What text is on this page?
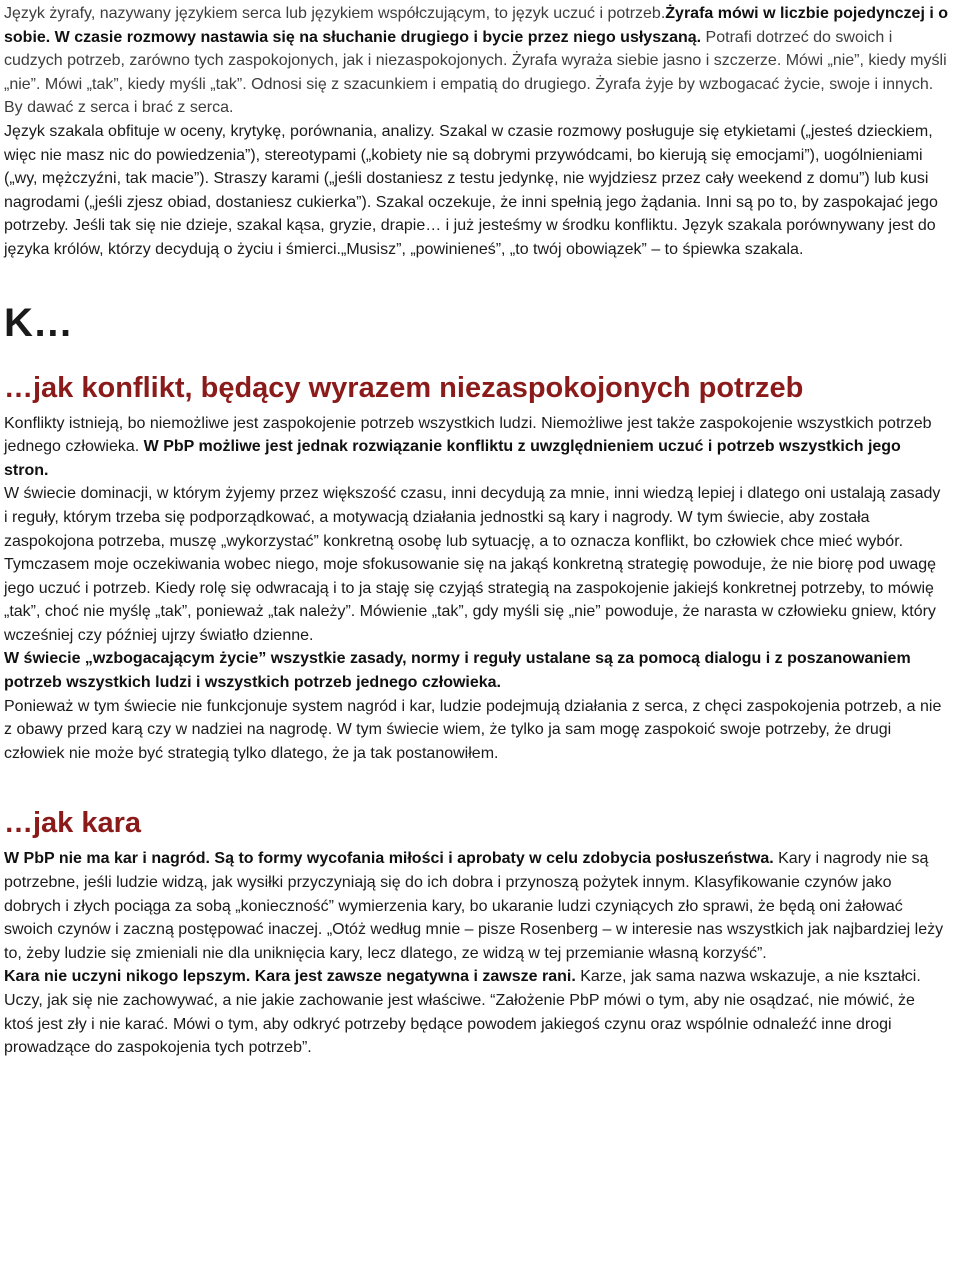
Język żyrafy, nazywany językiem serca lub językiem współczującym, to język uczuć i potrzeb.Żyrafa mówi w liczbie pojedynczej i o sobie. W czasie rozmowy nastawia się na słuchanie drugiego i bycie przez niego usłyszaną. Potrafi dotrzeć do swoich i cudzych potrzeb, zarówno tych zaspokojonych, jak i niezaspokojonych. Żyrafa wyraża siebie jasno i szczerze. Mówi „nie”, kiedy myśli „nie”. Mówi „tak”, kiedy myśli „tak”. Odnosi się z szacunkiem i empatią do drugiego. Żyrafa żyje by wzbogacać życie, swoje i innych. By dawać z serca i brać z serca.

Język szakala obfituje w oceny, krytykę, porównania, analizy. Szakal w czasie rozmowy posługuje się etykietami („jesteś dzieckiem, więc nie masz nic do powiedzenia”), stereotypami („kobiety nie są dobrymi przywódcami, bo kierują się emocjami”), uogólnieniami („wy, mężczyźni, tak macie”). Straszy karami („jeśli dostaniesz z testu jedynkę, nie wyjdziesz przez cały weekend z domu”) lub kusi nagrodami („jeśli zjesz obiad, dostaniesz cukierka”). Szakal oczekuje, że inni spełnią jego żądania. Inni są po to, by zaspokajać jego potrzeby. Jeśli tak się nie dzieje, szakal kąsa, gryzie, drapie… i już jesteśmy w środku konfliktu. Język szakala porównywany jest do języka królów, którzy decydują o życiu i śmierci.„Musisz”, „powinieneś”, „to twój obowiązek” – to śpiewka szakala.

K…

…jak konflikt, będący wyrazem niezaspokojonych potrzeb

Konflikty istnieją, bo niemożliwe jest zaspokojenie potrzeb wszystkich ludzi. Niemożliwe jest także zaspokojenie wszystkich potrzeb jednego człowieka. W PbP możliwe jest jednak rozwiązanie konfliktu z uwzględnieniem uczuć i potrzeb wszystkich jego stron.

W świecie dominacji, w którym żyjemy przez większość czasu, inni decydują za mnie, inni wiedzą lepiej i dlatego oni ustalają zasady i reguły, którym trzeba się podporządkować, a motywacją działania jednostki są kary i nagrody. W tym świecie, aby została zaspokojona potrzeba, muszę „wykorzystać” konkretną osobę lub sytuację, a to oznacza konflikt, bo człowiek chce mieć wybór. Tymczasem moje oczekiwania wobec niego, moje sfokusowanie się na jakąś konkretną strategię powoduje, że nie biorę pod uwagę jego uczuć i potrzeb. Kiedy rolę się odwracają i to ja staję się czyjąś strategią na zaspokojenie jakiejś konkretnej potrzeby, to mówię „tak”, choć nie myślę „tak”, ponieważ „tak należy”. Mówienie „tak”, gdy myśli się „nie” powoduje, że narasta w człowieku gniew, który wcześniej czy później ujrzy światło dzienne.

W świecie „wzbogacającym życie” wszystkie zasady, normy i reguły ustalane są za pomocą dialogu i z poszanowaniem potrzeb wszystkich ludzi i wszystkich potrzeb jednego człowieka.

Ponieważ w tym świecie nie funkcjonuje system nagród i kar, ludzie podejmują działania z serca, z chęci zaspokojenia potrzeb, a nie z obawy przed karą czy w nadziei na nagrodę. W tym świecie wiem, że tylko ja sam mogę zaspokoić swoje potrzeby, że drugi człowiek nie może być strategią tylko dlatego, że ja tak postanowiłem.

…jak kara

W PbP nie ma kar i nagród. Są to formy wycofania miłości i aprobaty w celu zdobycia posłuszeństwa. Kary i nagrody nie są potrzebne, jeśli ludzie widzą, jak wysiłki przyczyniają się do ich dobra i przynoszą pożytek innym. Klasyfikowanie czynów jako dobrych i złych pociąga za sobą „konieczność” wymierzenia kary, bo ukaranie ludzi czyniących zło sprawi, że będą oni żałować swoich czynów i zaczną postępować inaczej. „Otóż według mnie – pisze Rosenberg – w interesie nas wszystkich jak najbardziej leży to, żeby ludzie się zmieniali nie dla uniknięcia kary, lecz dlatego, ze widzą w tej przemianie własną korzyść”.

Kara nie uczyni nikogo lepszym. Kara jest zawsze negatywna i zawsze rani. Karze, jak sama nazwa wskazuje, a nie kształci. Uczy, jak się nie zachowywać, a nie jakie zachowanie jest właściwe. “Założenie PbP mówi o tym, aby nie osądzać, nie mówić, że ktoś jest zły i nie karać. Mówi o tym, aby odkryć potrzeby będące powodem jakiegoś czynu oraz wspólnie odnaleźć inne drogi prowadzące do zaspokojenia tych potrzeb”.
